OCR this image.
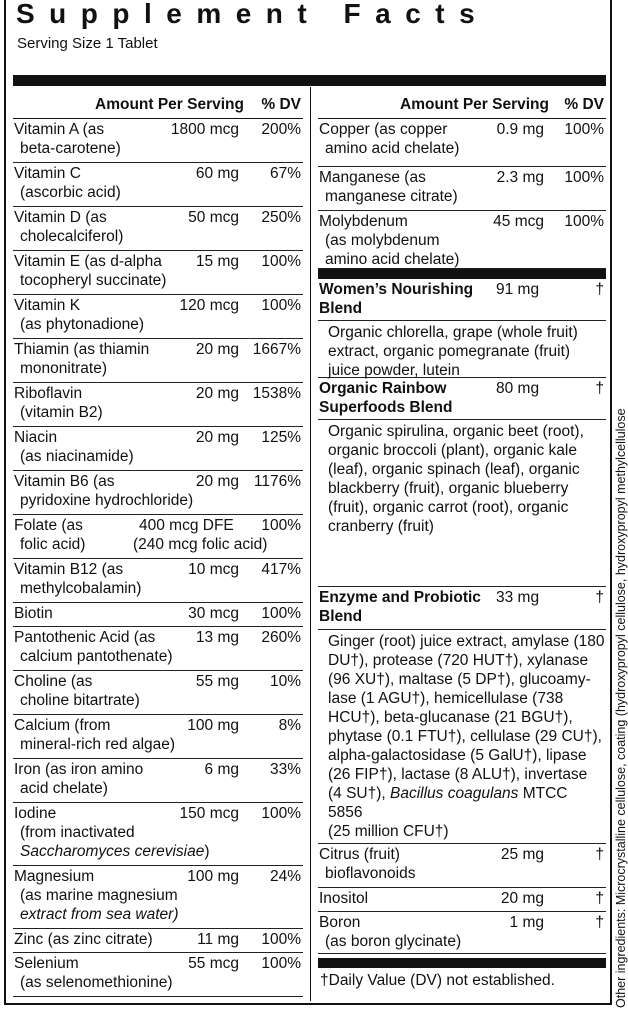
Supplement Facts
Serving Size 1 Tablet
Amount Per Serving % DV
Vitamin A (as
beta-carotene)
1800 mcg 200%
Vitamin C
(ascorbic acid)
60 mg 67%
Vitamin D (as
cholecalciferol)
50 mcg 250%
Vitamin E (as d-alpha
tocopheryl succinate)
15 mg 100%
Vitamin K
(as phytonadione)
120 mcg 100%
Thiamin (as thiamin
mononitrate)
20 mg 1667%
Riboflavin
(vitamin B2)
20 mg 1538%
Niacin
(as niacinamide)
20 mg 125%
Vitamin B6 (as
pyridoxine hydrochloride)
20 mg 1176%
Folate (as
folic acid)
400 mcg DFE
(240 mcg folic acid)
100%
Vitamin B12 (as
methylcobalamin)
10 mcg 417%
Biotin	30 mcg 100%
Pantothenic Acid (as
calcium pantothenate)
13 mg 260%
Choline (as
choline bitartrate)
55 mg 10%
Calcium (from
mineral-rich red algae)
100 mg	8%
Iron (as iron amino
acid chelate)
6 mg 33%
Iodine
(from inactivated
Saccharomyces cerevisiae)
150 mcg 100%
Magnesium
(as marine magnesium
extract from sea water)
100 mg 24%
Zinc (as zinc citrate)	11 mg 100%
Selenium
(as selenomethionine)
55 mcg 100%
Amount Per Serving % DV
Copper (as copper
amino acid chelate)
0.9 mg 100%
Manganese (as
manganese citrate)
2.3 mg 100%
Molybdenum
(as molybdenum
amino acid chelate)
45 mcg 100%
Women’s Nourishing
Blend
91 mg	†
Organic chlorella, grape (whole fruit)
extract, organic pomegranate (fruit)
juice powder, lutein
Organic Rainbow
Superfoods Blend
80 mg	†
Organic spirulina, organic beet (root),
organic broccoli (plant), organic kale
(leaf), organic spinach (leaf), organic
blackberry (fruit), organic blueberry
(fruit), organic carrot (root), organic
cranberry (fruit)
Enzyme and Probiotic
Blend
33 mg	†
Ginger (root) juice extract, amylase (180
DU†), protease (720 HUT†), xylanase
(96 XU†), maltase (5 DP†), glucoamy-
lase (1 AGU†), hemicellulase (738
HCU†), beta-glucanase (21 BGU†),
phytase (0.1 FTU†), cellulase (29 CU†),
alpha-galactosidase (5 GalU†), lipase
(26 FIP†), lactase (8 ALU†), invertase
(4 SU†), Bacillus coagulans MTCC 5856
(25 million CFU†)
Citrus (fruit)
bioflavonoids
25 mg	†
Inositol	20 mg	†
Boron
(as boron glycinate)
1 mg	†
†Daily Value (DV) not established.	Other ingredients: Microcrystalline cellulose, coating (hydroxypropyl cellulose, hydroxypropyl methylcellulose
